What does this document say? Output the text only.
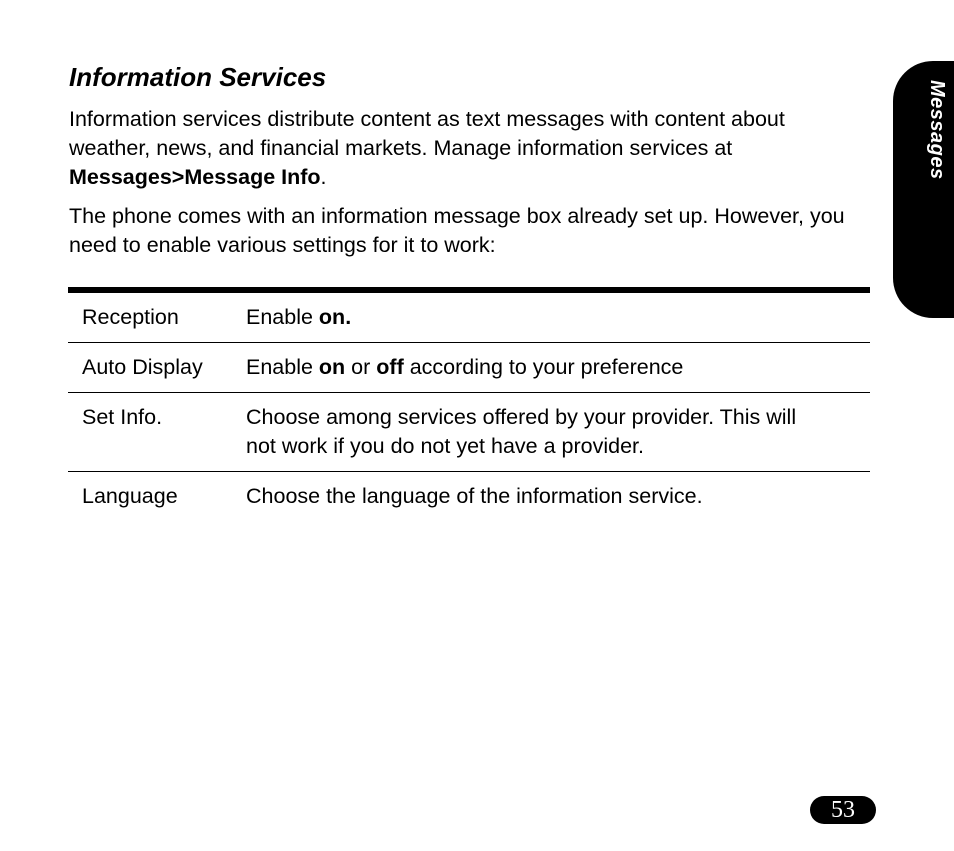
Information Services

Information services distribute content as text messages with content about weather, news, and financial markets. Manage information services at Messages>Message Info.

The phone comes with an information message box already set up. However, you need to enable various settings for it to work:

Reception	Enable on.
Auto Display	Enable on or off according to your preference
Set Info.	Choose among services offered by your provider. This will not work if you do not yet have a provider.
Language	Choose the language of the information service.
Messages
53
